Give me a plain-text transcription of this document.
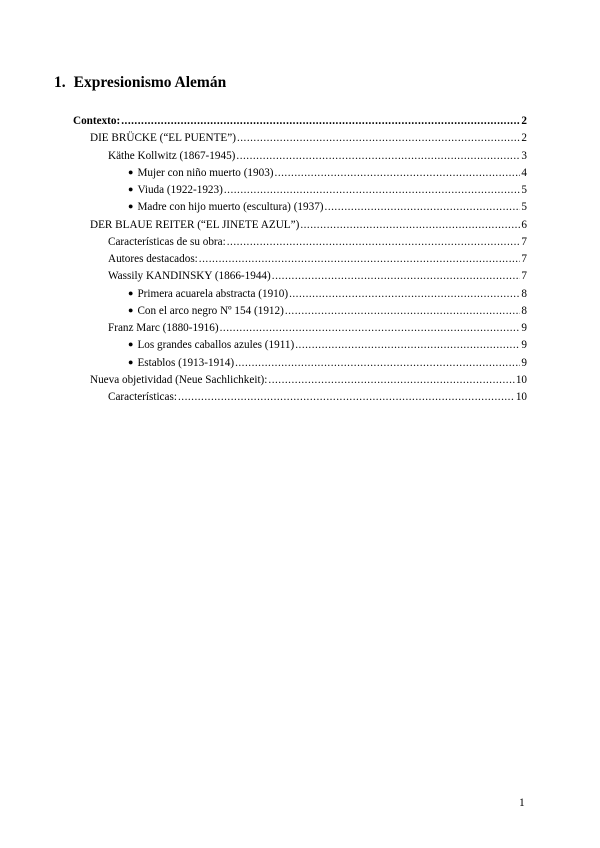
1. Expresionismo Alemán
Contexto: .....	2
DIE BRÜCKE (“EL PUENTE”) .....	2
Käthe Kollwitz (1867-1945) .....	3
● Mujer con niño muerto (1903) .....	4
● Viuda (1922-1923) .....	5
● Madre con hijo muerto (escultura) (1937) .....	5
DER BLAUE REITER (“EL JINETE AZUL”) .....	6
Características de su obra: .....	7
Autores destacados: .....	7
Wassily KANDINSKY (1866-1944) .....	7
● Primera acuarela abstracta (1910) .....	8
● Con el arco negro Nº 154 (1912) .....	8
Franz Marc (1880-1916) .....	9
● Los grandes caballos azules (1911) .....	9
● Establos (1913-1914) .....	9
Nueva objetividad (Neue Sachlichkeit): .....	10
Características: .....	10
1
